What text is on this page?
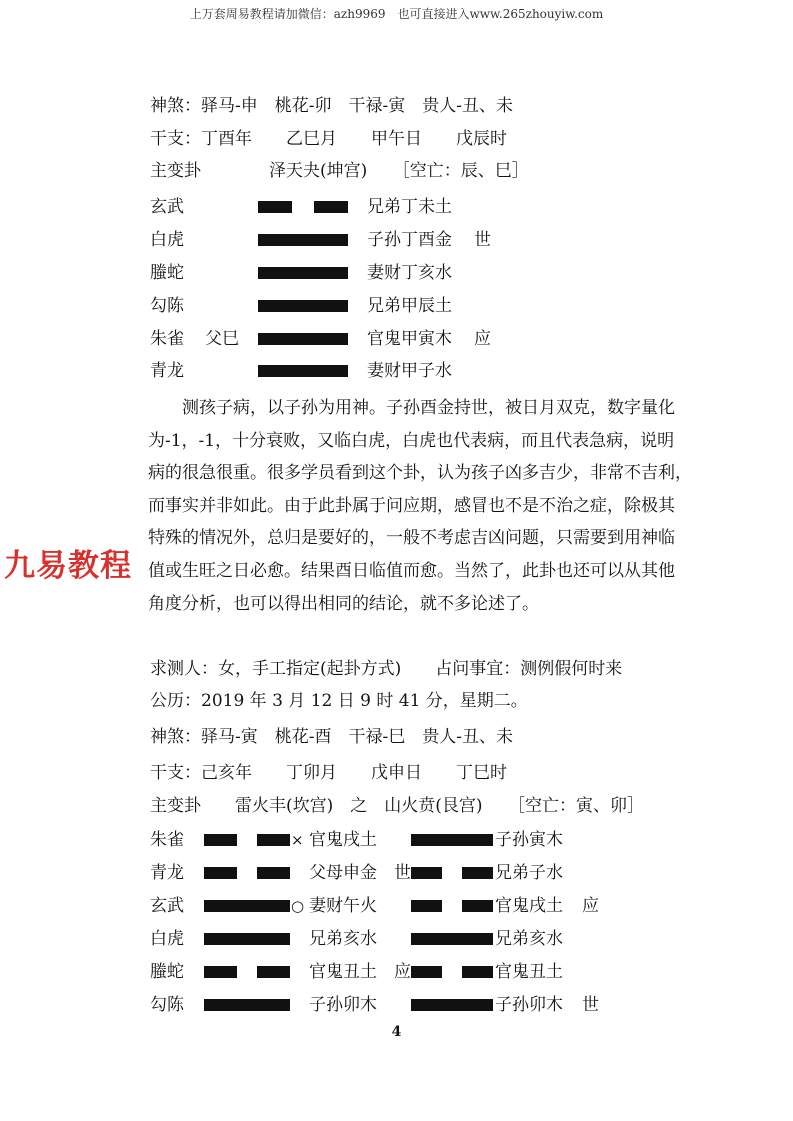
上万套周易教程请加微信：azh9969　也可直接进入www.265zhouyiw.com
九易教程
神煞：驿马-申　桃花-卯　干禄-寅　贵人-丑、未
干支：丁酉年　　乙巳月　　甲午日　　戊辰时
主变卦　　　　泽天夬(坤宫)　　［空亡：辰、巳］
玄武	兄弟丁未土
白虎	子孙丁酉金 世
螣蛇	妻财丁亥水
勾陈	兄弟甲辰土
朱雀 父巳	官鬼甲寅木 应
青龙	妻财甲子水
　　测孩子病，以子孙为用神。子孙酉金持世，被日月双克，数字量化
为-1，-1，十分衰败，又临白虎，白虎也代表病，而且代表急病，说明
病的很急很重。很多学员看到这个卦，认为孩子凶多吉少，非常不吉利，
而事实并非如此。由于此卦属于问应期，感冒也不是不治之症，除极其
特殊的情况外，总归是要好的，一般不考虑吉凶问题，只需要到用神临
值或生旺之日必愈。结果酉日临值而愈。当然了，此卦也还可以从其他
角度分析，也可以得出相同的结论，就不多论述了。
求测人：女，手工指定(起卦方式)　　占问事宜：测例假何时来
公历：2019 年 3 月 12 日 9 时 41 分，星期二。
神煞：驿马-寅　桃花-酉　干禄-巳　贵人-丑、未
干支：己亥年　　丁卯月　　戊申日　　丁巳时
主变卦　　雷火丰(坎宫)　之　山火贲(艮宫)　　［空亡：寅、卯］
朱雀	× 官鬼戌土	子孙寅木
青龙	父母申金 世	兄弟子水
玄武	○ 妻财午火	官鬼戌土 应
白虎	兄弟亥水	兄弟亥水
螣蛇	官鬼丑土 应	官鬼丑土
勾陈	子孙卯木	子孙卯木 世
4
